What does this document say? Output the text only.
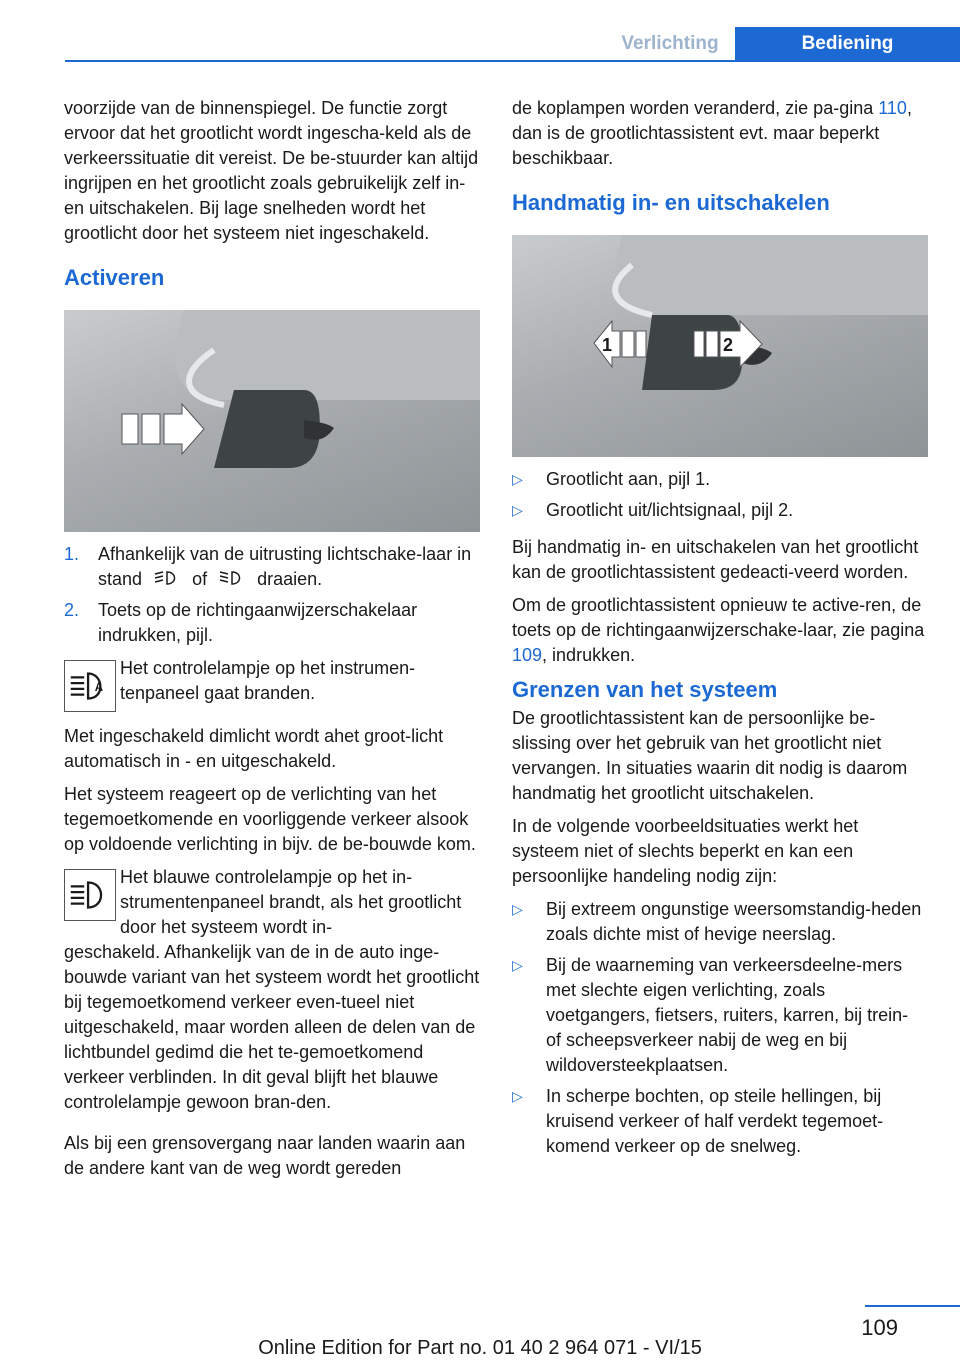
Verlichting	Bediening

voorzijde van de binnenspiegel. De functie zorgt ervoor dat het grootlicht wordt ingescha-keld als de verkeerssituatie dit vereist. De be-stuurder kan altijd ingrijpen en het grootlicht zoals gebruikelijk zelf in- en uitschakelen. Bij lage snelheden wordt het grootlicht door het systeem niet ingeschakeld.

Activeren
1. Afhankelijk van de uitrusting lichtschake-laar in stand	of	draaien.
2. Toets op de richtingaanwijzerschakelaar indrukken, pijl.
A
Het controlelampje op het instrumen-tenpaneel gaat branden.

Met ingeschakeld dimlicht wordt ahet groot-licht automatisch in - en uitgeschakeld.

Het systeem reageert op de verlichting van het tegemoetkomende en voorliggende verkeer alsook op voldoende verlichting in bijv. de be-bouwde kom.

Het blauwe controlelampje op het in-strumentenpaneel brandt, als het grootlicht door het systeem wordt in-

geschakeld. Afhankelijk van de in de auto inge-bouwde variant van het systeem wordt het grootlicht bij tegemoetkomend verkeer even-tueel niet uitgeschakeld, maar worden alleen de delen van de lichtbundel gedimd die het te-gemoetkomend verkeer verblinden. In dit geval blijft het blauwe controlelampje gewoon bran-den.

Als bij een grensovergang naar landen waarin aan de andere kant van de weg wordt gereden

de koplampen worden veranderd, zie pa-gina 110, dan is de grootlichtassistent evt. maar beperkt beschikbaar.

Handmatig in- en uitschakelen
1	2
▷ Grootlicht aan, pijl 1.
▷ Grootlicht uit/lichtsignaal, pijl 2.

Bij handmatig in- en uitschakelen van het grootlicht kan de grootlichtassistent gedeacti-veerd worden.

Om de grootlichtassistent opnieuw te active-ren, de toets op de richtingaanwijzerschake-laar, zie pagina 109, indrukken.

Grenzen van het systeem

De grootlichtassistent kan de persoonlijke be-slissing over het gebruik van het grootlicht niet vervangen. In situaties waarin dit nodig is daarom handmatig het grootlicht uitschakelen.

In de volgende voorbeeldsituaties werkt het systeem niet of slechts beperkt en kan een persoonlijke handeling nodig zijn:

▷ Bij extreem ongunstige weersomstandig-heden zoals dichte mist of hevige neerslag.
▷ Bij de waarneming van verkeersdeelne-mers met slechte eigen verlichting, zoals voetgangers, fietsers, ruiters, karren, bij trein- of scheepsverkeer nabij de weg en bij wildoversteekplaatsen.
▷ In scherpe bochten, op steile hellingen, bij kruisend verkeer of half verdekt tegemoet-komend verkeer op de snelweg.
109
Online Edition for Part no. 01 40 2 964 071 - VI/15
